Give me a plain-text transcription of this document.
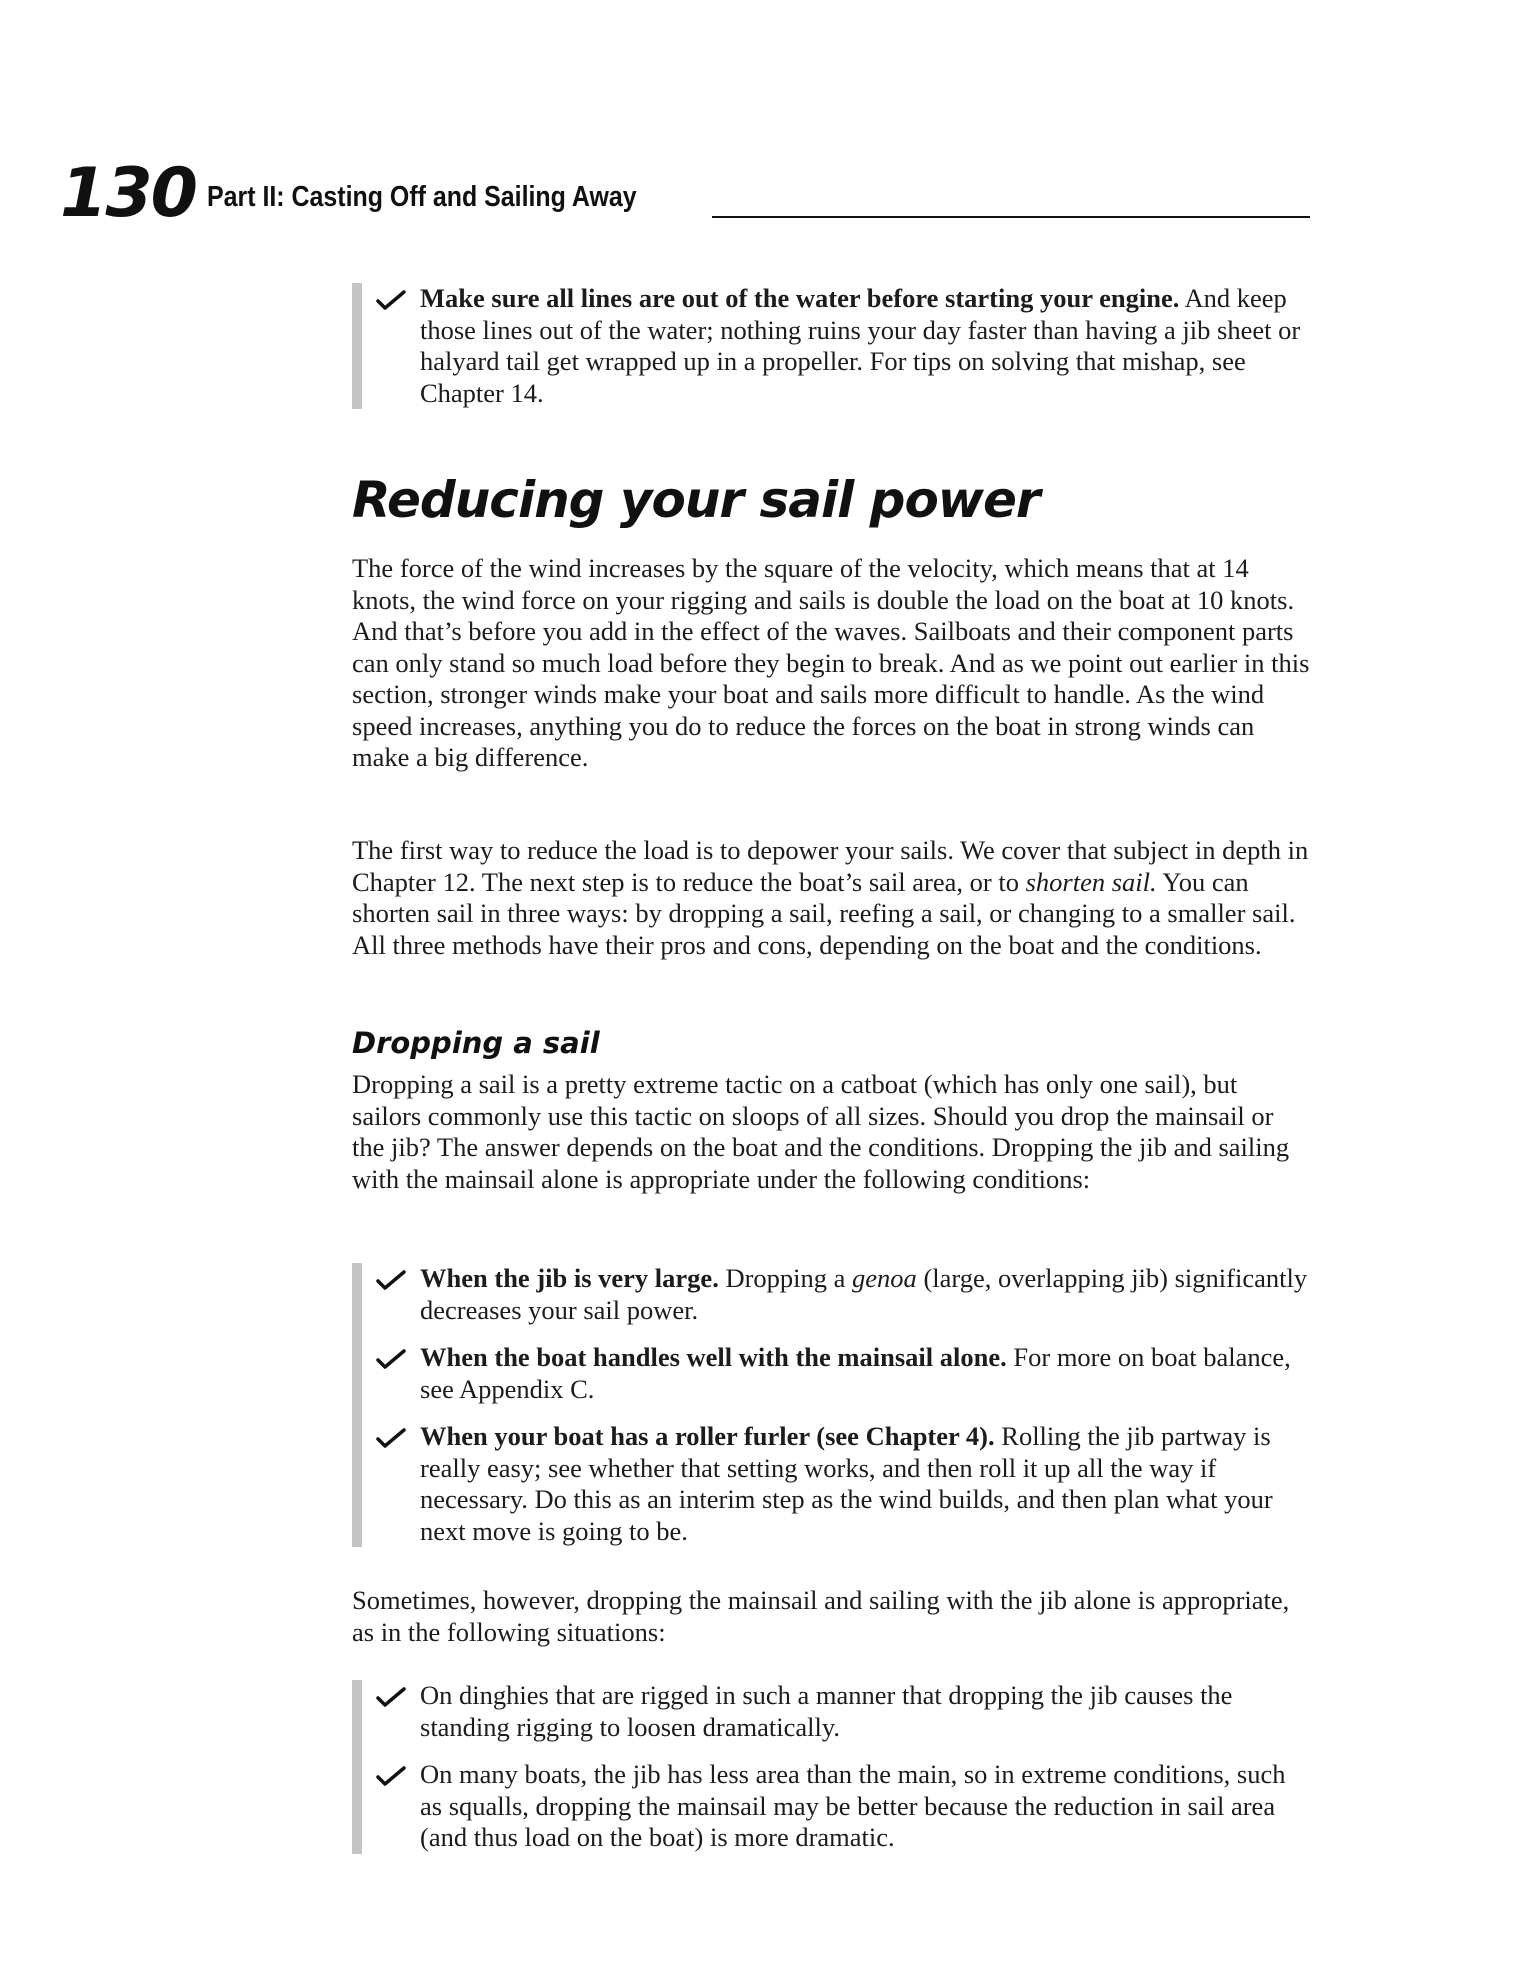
130 Part II: Casting Off and Sailing Away
Make sure all lines are out of the water before starting your engine. And keep those lines out of the water; nothing ruins your day faster than having a jib sheet or halyard tail get wrapped up in a propeller. For tips on solving that mishap, see Chapter 14.
Reducing your sail power
The force of the wind increases by the square of the velocity, which means that at 14 knots, the wind force on your rigging and sails is double the load on the boat at 10 knots. And that’s before you add in the effect of the waves. Sailboats and their component parts can only stand so much load before they begin to break. And as we point out earlier in this section, stronger winds make your boat and sails more difficult to handle. As the wind speed increases, anything you do to reduce the forces on the boat in strong winds can make a big difference.
The first way to reduce the load is to depower your sails. We cover that subject in depth in Chapter 12. The next step is to reduce the boat’s sail area, or to shorten sail. You can shorten sail in three ways: by dropping a sail, reefing a sail, or changing to a smaller sail. All three methods have their pros and cons, depending on the boat and the conditions.
Dropping a sail
Dropping a sail is a pretty extreme tactic on a catboat (which has only one sail), but sailors commonly use this tactic on sloops of all sizes. Should you drop the mainsail or the jib? The answer depends on the boat and the conditions. Dropping the jib and sailing with the mainsail alone is appropriate under the following conditions:
When the jib is very large. Dropping a genoa (large, overlapping jib) significantly decreases your sail power.
When the boat handles well with the mainsail alone. For more on boat balance, see Appendix C.
When your boat has a roller furler (see Chapter 4). Rolling the jib partway is really easy; see whether that setting works, and then roll it up all the way if necessary. Do this as an interim step as the wind builds, and then plan what your next move is going to be.
Sometimes, however, dropping the mainsail and sailing with the jib alone is appropriate, as in the following situations:
On dinghies that are rigged in such a manner that dropping the jib causes the standing rigging to loosen dramatically.
On many boats, the jib has less area than the main, so in extreme conditions, such as squalls, dropping the mainsail may be better because the reduction in sail area (and thus load on the boat) is more dramatic.
